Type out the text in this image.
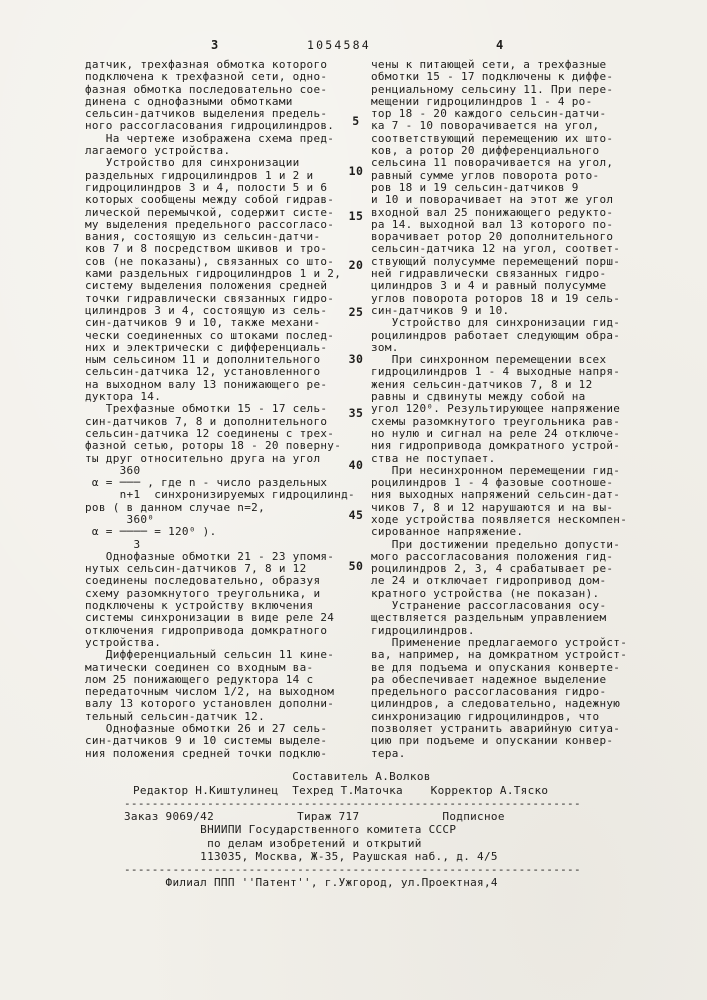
3	1054584	4
датчик, трехфазная обмотка которого
подключена к трехфазной сети, одно-
фазная обмотка последовательно сое-
динена с однофазными обмотками
сельсин-датчиков выделения предель-
ного рассогласования гидроцилиндров.
На чертеже изображена схема пред-
лагаемого устройства.
Устройство для синхронизации
раздельных гидроцилиндров 1 и 2 и
гидроцилиндров 3 и 4, полости 5 и 6
которых сообщены между собой гидрав-
лической перемычкой, содержит систе-
му выделения предельного рассогласо-
вания, состоящую из сельсин-датчи-
ков 7 и 8 посредством шкивов и тро-
сов (не показаны), связанных со што-
ками раздельных гидроцилиндров 1 и 2,
систему выделения положения средней
точки гидравлически связанных гидро-
цилиндров 3 и 4, состоящую из сель-
син-датчиков 9 и 10, также механи-
чески соединенных со штоками послед-
них и электрически с дифференциаль-
ным сельсином 11 и дополнительного
сельсин-датчика 12, установленного
на выходном валу 13 понижающего ре-
дуктора 14.
Трехфазные обмотки 15 - 17 сель-
син-датчиков 7, 8 и дополнительного
сельсин-датчика 12 соединены с трех-
фазной сетью, роторы 18 - 20 поверну-
ты друг относительно друга на угол
360
α = ─── , где n - число раздельных
n+1  синхронизируемых гидроцилинд-
ров ( в данном случае n=2,
360⁰
α = ──── = 120⁰ ).
3
Однофазные обмотки 21 - 23 упомя-
нутых сельсин-датчиков 7, 8 и 12
соединены последовательно, образуя
схему разомкнутого треугольника, и
подключены к устройству включения
системы синхронизации в виде реле 24
отключения гидропривода домкратного
устройства.
Дифференциальный сельсин 11 кине-
матически соединен со входным ва-
лом 25 понижающего редуктора 14 с
передаточным числом 1/2, на выходном
валу 13 которого установлен дополни-
тельный сельсин-датчик 12.
Однофазные обмотки 26 и 27 сель-
син-датчиков 9 и 10 системы выделе-
ния положения средней точки подклю-
чены к питающей сети, а трехфазные
обмотки 15 - 17 подключены к диффе-
ренциальному сельсину 11. При пере-
мещении гидроцилиндров 1 - 4 ро-
тор 18 - 20 каждого сельсин-датчи-
ка 7 - 10 поворачивается на угол,
соответствующий перемещению их што-
ков, а ротор 20 дифференциального
сельсина 11 поворачивается на угол,
равный сумме углов поворота рото-
ров 18 и 19 сельсин-датчиков 9
и 10 и поворачивает на этот же угол
входной вал 25 понижающего редукто-
ра 14. выходной вал 13 которого по-
ворачивает ротор 20 дополнительного
сельсин-датчика 12 на угол, соответ-
ствующий полусумме перемещений порш-
ней гидравлически связанных гидро-
цилиндров 3 и 4 и равный полусумме
углов поворота роторов 18 и 19 сель-
син-датчиков 9 и 10.
Устройство для синхронизации гид-
роцилиндров работает следующим обра-
зом.
При синхронном перемещении всех
гидроцилиндров 1 - 4 выходные напря-
жения сельсин-датчиков 7, 8 и 12
равны и сдвинуты между собой на
угол 120⁰. Результирующее напряжение
схемы разомкнутого треугольника рав-
но нулю и сигнал на реле 24 отключе-
ния гидропривода домкратного устрой-
ства не поступает.
При несинхронном перемещении гид-
роцилиндров 1 - 4 фазовые соотноше-
ния выходных напряжений сельсин-дат-
чиков 7, 8 и 12 нарушаются и на вы-
ходе устройства появляется нескомпен-
сированное напряжение.
При достижении предельно допусти-
мого рассогласования положения гид-
роцилиндров 2, 3, 4 срабатывает ре-
ле 24 и отключает гидропривод дом-
кратного устройства (не показан).
Устранение рассогласования осу-
ществляется раздельным управлением
гидроцилиндров.
Применение предлагаемого устройст-
ва, например, на домкратном устройст-
ве для подъема и опускания конверте-
ра обеспечивает надежное выделение
предельного рассогласования гидро-
цилиндров, а следовательно, надежную
синхронизацию гидроцилиндров, что
позволяет устранить аварийную ситуа-
цию при подъеме и опускании конвер-
тера.
5
10
15
20
25
30
35
40
45
50
Составитель А.Волков
Редактор Н.Киштулинец  Техред Т.Маточка    Корректор А.Тяско
------------------------------------------------------------------
Заказ 9069/42            Тираж 717            Подписное
ВНИИПИ Государственного комитета СССР
по делам изобретений и открытий
113035, Москва, Ж-35, Раушская наб., д. 4/5
------------------------------------------------------------------
Филиал ППП ''Патент'', г.Ужгород, ул.Проектная,4
